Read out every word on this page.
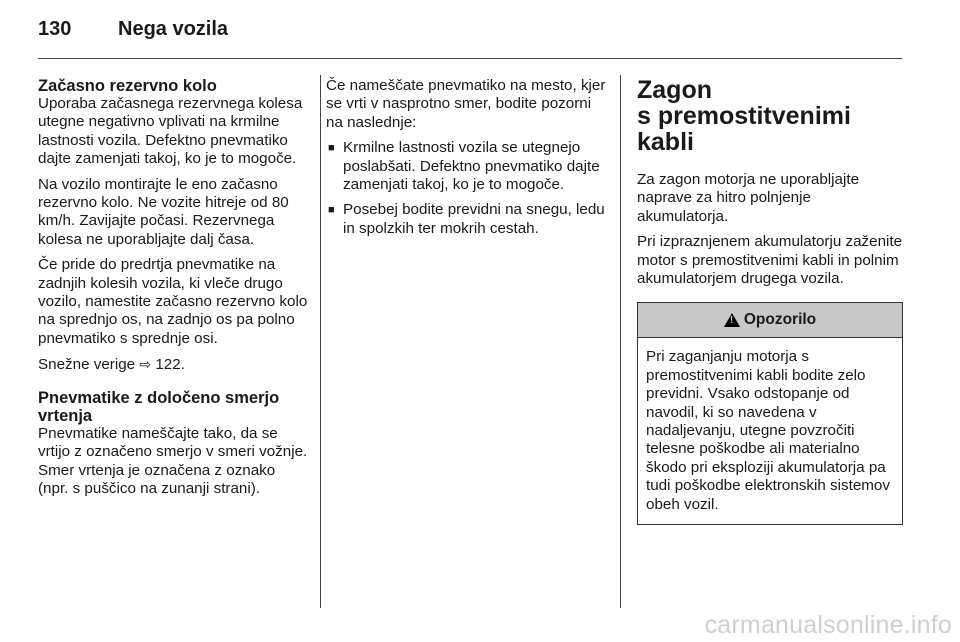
130	Nega vozila
Začasno rezervno kolo

Uporaba začasnega rezervnega kolesa utegne negativno vplivati na krmilne lastnosti vozila. Defektno pnevmatiko dajte zamenjati takoj, ko je to mogoče.

Na vozilo montirajte le eno začasno rezervno kolo. Ne vozite hitreje od 80 km/h. Zavijajte počasi. Rezervnega kolesa ne uporabljajte dalj časa.

Če pride do predrtja pnevmatike na zadnjih kolesih vozila, ki vleče drugo vozilo, namestite začasno rezervno kolo na sprednjo os, na zadnjo os pa polno pnevmatiko s sprednje osi.

Snežne verige ⇨ 122.

Pnevmatike z določeno smerjo vrtenja

Pnevmatike nameščajte tako, da se vrtijo z označeno smerjo v smeri vožnje. Smer vrtenja je označena z oznako (npr. s puščico na zunanji strani).

Če nameščate pnevmatiko na mesto, kjer se vrti v nasprotno smer, bodite pozorni na naslednje:

■ Krmilne lastnosti vozila se utegnejo poslabšati. Defektno pnevmatiko dajte zamenjati takoj, ko je to mogoče.
■ Posebej bodite previdni na snegu, ledu in spolzkih ter mokrih cestah.
Zagon
s premostitvenimi kabli

Za zagon motorja ne uporabljajte naprave za hitro polnjenje akumulatorja.

Pri izpraznjenem akumulatorju zaženite motor s premostitvenimi kabli in polnim akumulatorjem drugega vozila.

!
Opozorilo
Pri zaganjanju motorja s premostitvenimi kabli bodite zelo previdni. Vsako odstopanje od navodil, ki so navedena v nadaljevanju, utegne povzročiti telesne poškodbe ali materialno škodo pri eksploziji akumulatorja pa tudi poškodbe elektronskih sistemov obeh vozil.
carmanualsonline.info
